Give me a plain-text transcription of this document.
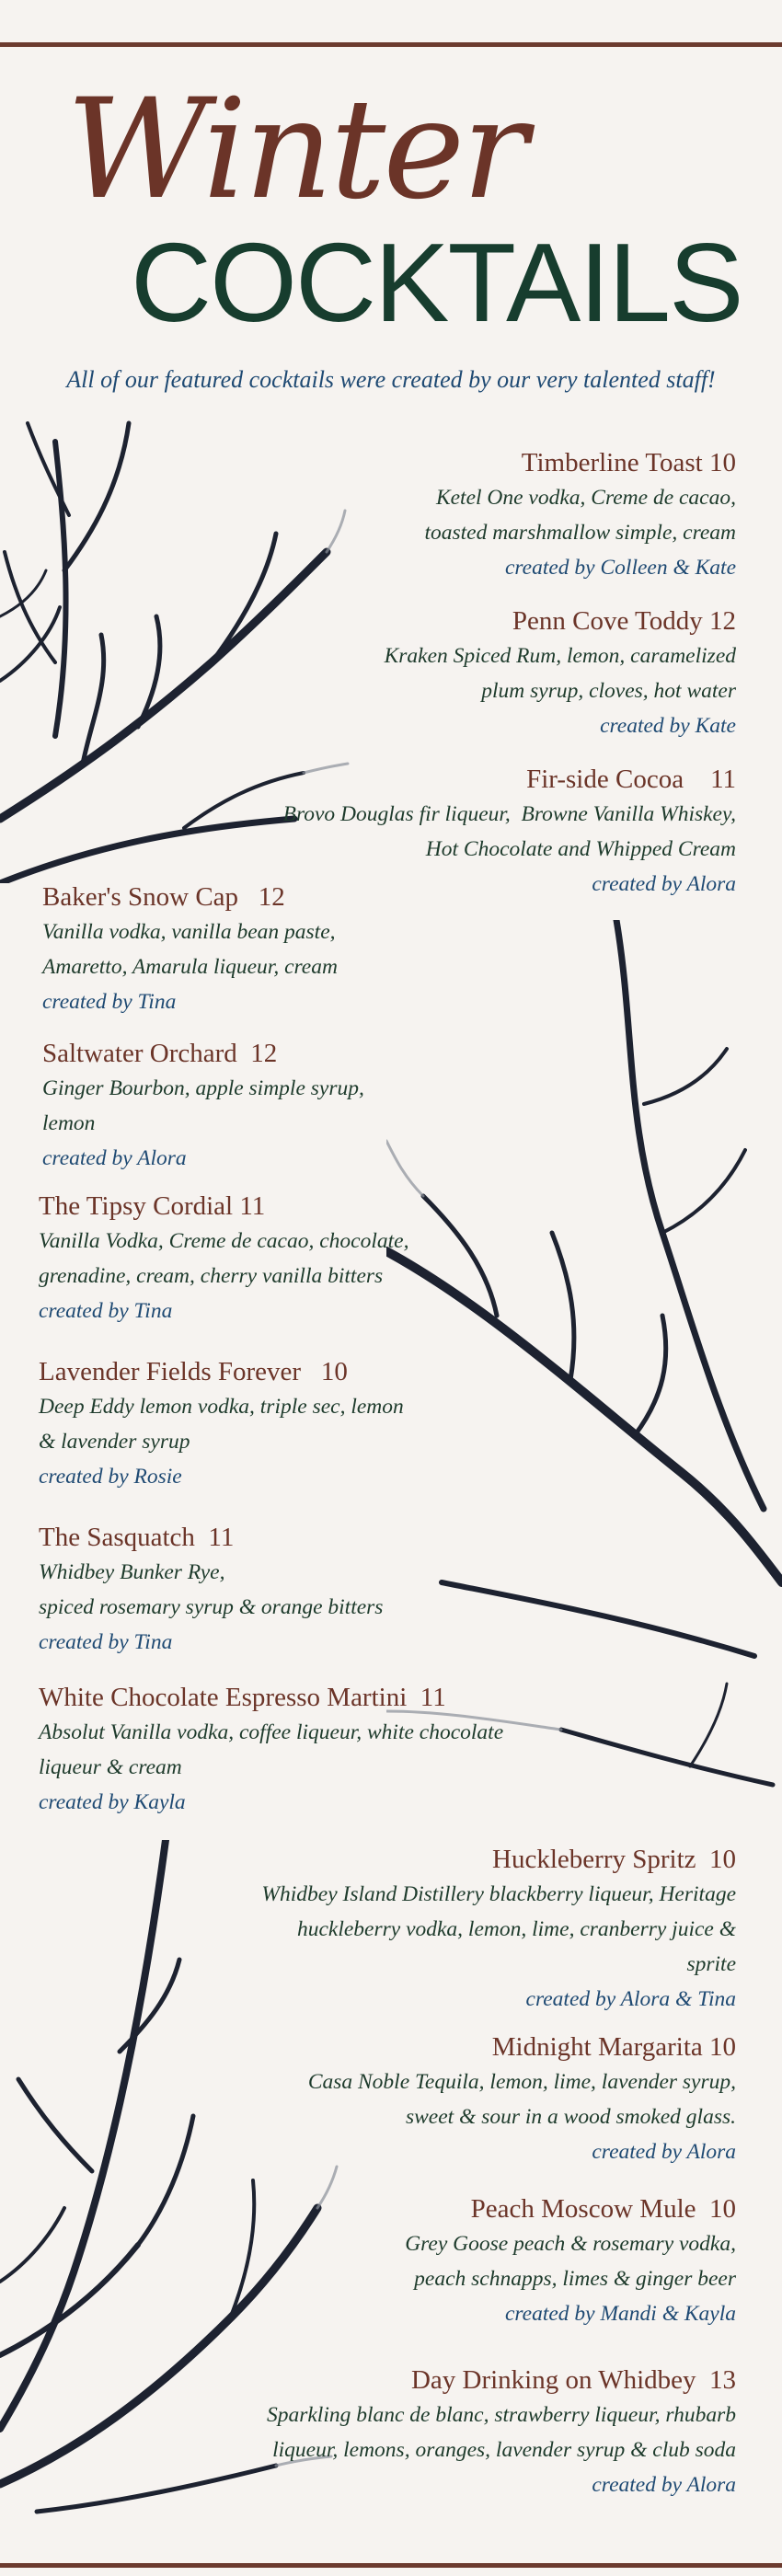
Winter
COCKTAILS
All of our featured cocktails were created by our very talented staff!
Timberline Toast 10
Ketel One vodka, Creme de cacao,
toasted marshmallow simple, cream
created by Colleen & Kate
Penn Cove Toddy 12
Kraken Spiced Rum, lemon, caramelized
plum syrup, cloves, hot water
created by Kate
Fir-side Cocoa    11
Brovo Douglas fir liqueur,  Browne Vanilla Whiskey,
Hot Chocolate and Whipped Cream
created by Alora
Baker's Snow Cap   12
Vanilla vodka, vanilla bean paste,
Amaretto, Amarula liqueur, cream
created by Tina
Saltwater Orchard  12
Ginger Bourbon, apple simple syrup,
lemon
created by Alora
The Tipsy Cordial 11
Vanilla Vodka, Creme de cacao, chocolate,
grenadine, cream, cherry vanilla bitters
created by Tina
Lavender Fields Forever   10
Deep Eddy lemon vodka, triple sec, lemon
& lavender syrup
created by Rosie
The Sasquatch  11
Whidbey Bunker Rye,
spiced rosemary syrup & orange bitters
created by Tina
White Chocolate Espresso Martini  11
Absolut Vanilla vodka, coffee liqueur, white chocolate
liqueur & cream
created by Kayla
Huckleberry Spritz  10
Whidbey Island Distillery blackberry liqueur, Heritage
huckleberry vodka, lemon, lime, cranberry juice &
sprite
created by Alora & Tina
Midnight Margarita 10
Casa Noble Tequila, lemon, lime, lavender syrup,
sweet & sour in a wood smoked glass.
created by Alora
Peach Moscow Mule  10
Grey Goose peach & rosemary vodka,
peach schnapps, limes & ginger beer
created by Mandi & Kayla
Day Drinking on Whidbey  13
Sparkling blanc de blanc, strawberry liqueur, rhubarb
liqueur, lemons, oranges, lavender syrup & club soda
created by Alora
